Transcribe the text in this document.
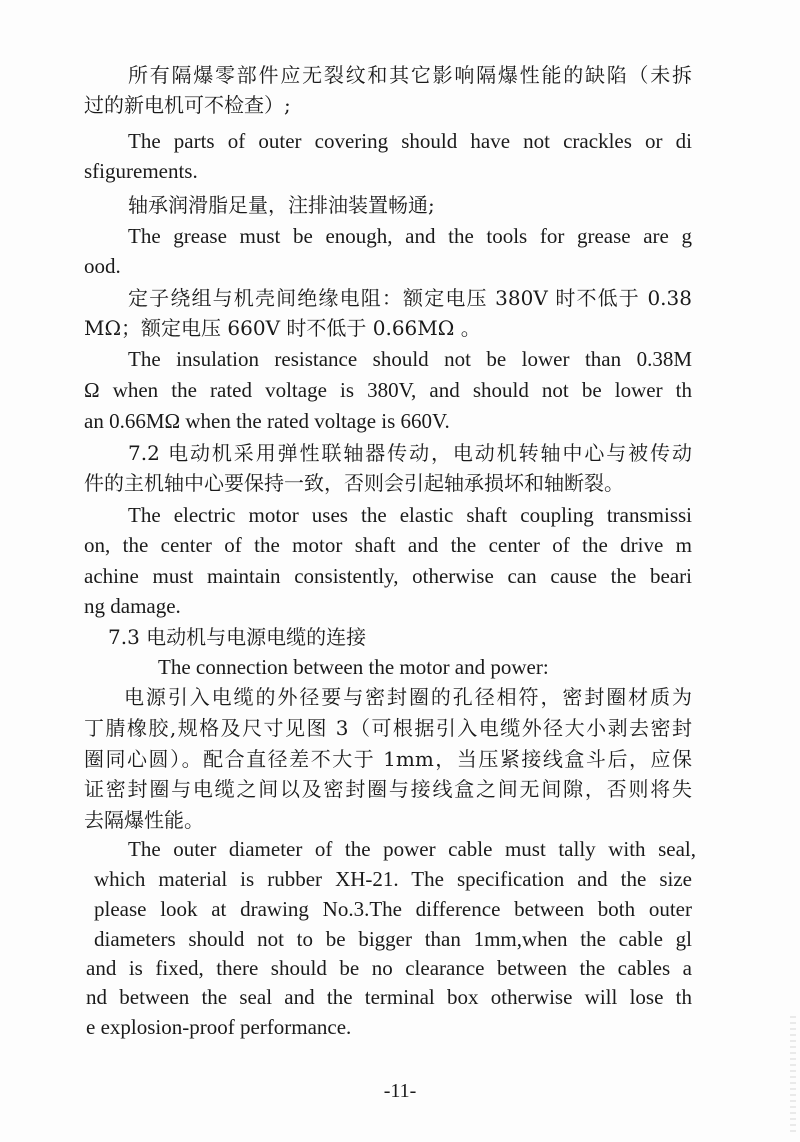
所有隔爆零部件应无裂纹和其它影响隔爆性能的缺陷（未拆
过的新电机可不检查）;
The parts of outer covering should have not crackles or di
sfigurements.
轴承润滑脂足量，注排油装置畅通;
The grease must be enough, and the tools for grease are g
ood.
定子绕组与机壳间绝缘电阻：额定电压 380V 时不低于 0.38
MΩ；额定电压 660V 时不低于 0.66MΩ 。
The insulation resistance should not be lower than 0.38M
Ω when the rated voltage is 380V, and should not be lower th
an 0.66MΩ when the rated voltage is 660V.
7.2 电动机采用弹性联轴器传动，电动机转轴中心与被传动
件的主机轴中心要保持一致，否则会引起轴承损坏和轴断裂。
The electric motor uses the elastic shaft coupling transmissi
on, the center of the motor shaft and the center of the drive m
achine must maintain consistently, otherwise can cause the beari
ng damage.
7.3 电动机与电源电缆的连接
The connection between the motor and power:
电源引入电缆的外径要与密封圈的孔径相符，密封圈材质为
丁腈橡胶,规格及尺寸见图 3（可根据引入电缆外径大小剥去密封
圈同心圆）。配合直径差不大于 1mm，当压紧接线盒斗后，应保
证密封圈与电缆之间以及密封圈与接线盒之间无间隙，否则将失
去隔爆性能。
The outer diameter of the power cable must tally with seal,
which material is rubber XH-21. The specification and the size
please look at drawing No.3.The difference between both outer
diameters should not to be bigger than 1mm,when the cable gl
and is fixed, there should be no clearance between the cables a
nd between the seal and the terminal box otherwise will lose th
e explosion-proof performance.
-11-
